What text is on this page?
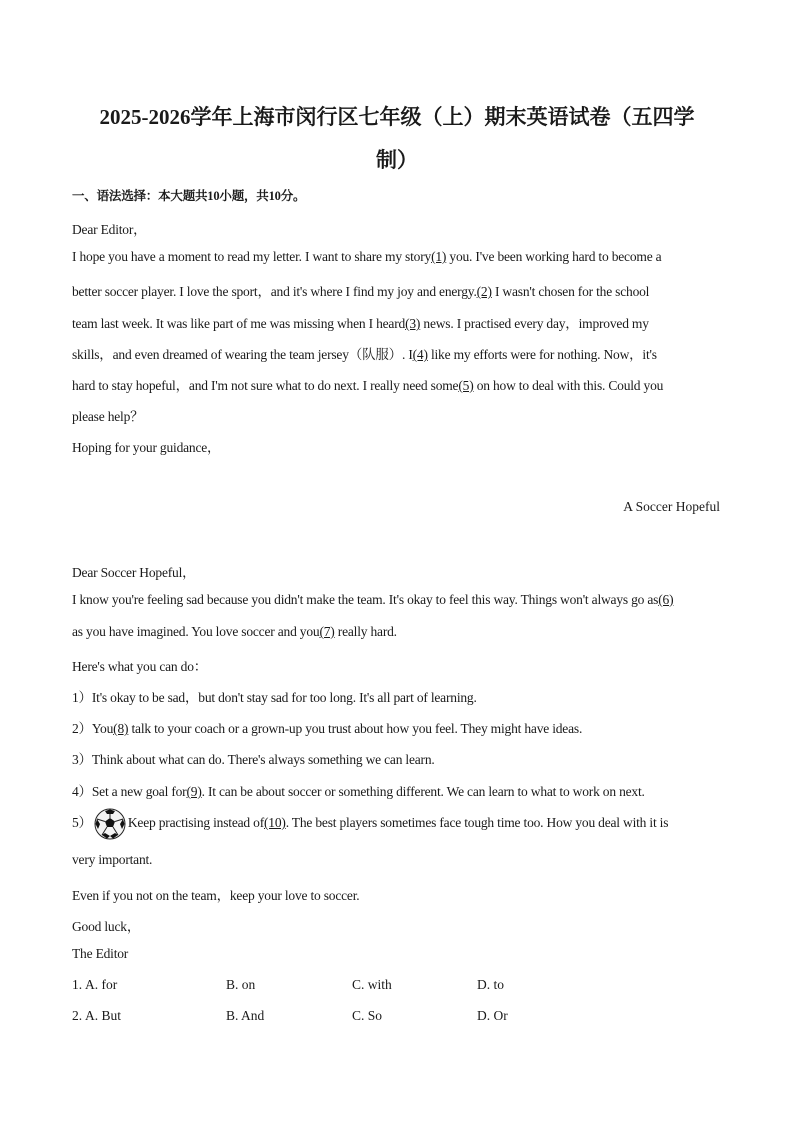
2025-2026学年上海市闵行区七年级（上）期末英语试卷（五四学
制）
一、语法选择：本大题共10小题，共10分。
Dear Editor，
I hope you have a moment to read my letter. I want to share my story(1) you. I've been working hard to become a
better soccer player. I love the sport，and it's where I find my joy and energy.(2) I wasn't chosen for the school
team last week. It was like part of me was missing when I heard(3) news. I practised every day，improved my
skills，and even dreamed of wearing the team jersey（队服）. I(4) like my efforts were for nothing. Now，it's
hard to stay hopeful，and I'm not sure what to do next. I really need some(5) on how to deal with this. Could you
please help？
Hoping for your guidance，
A Soccer Hopeful
Dear Soccer Hopeful，
I know you're feeling sad because you didn't make the team. It's okay to feel this way. Things won't always go as(6)
as you have imagined. You love soccer and you(7) really hard.
Here's what you can do：
1）It's okay to be sad，but don't stay sad for too long. It's all part of learning.
2）You(8) talk to your coach or a grown-up you trust about how you feel. They might have ideas.
3）Think about what can do. There's always something we can learn.
4）Set a new goal for(9). It can be about soccer or something different. We can learn to what to work on next.
5）	Keep practising instead of(10). The best players sometimes face tough time too. How you deal with it is
very important.
Even if you not on the team，keep your love to soccer.
Good luck，
The Editor
1. A. for	B. on	C. with	D. to
2. A. But	B. And	C. So	D. Or
